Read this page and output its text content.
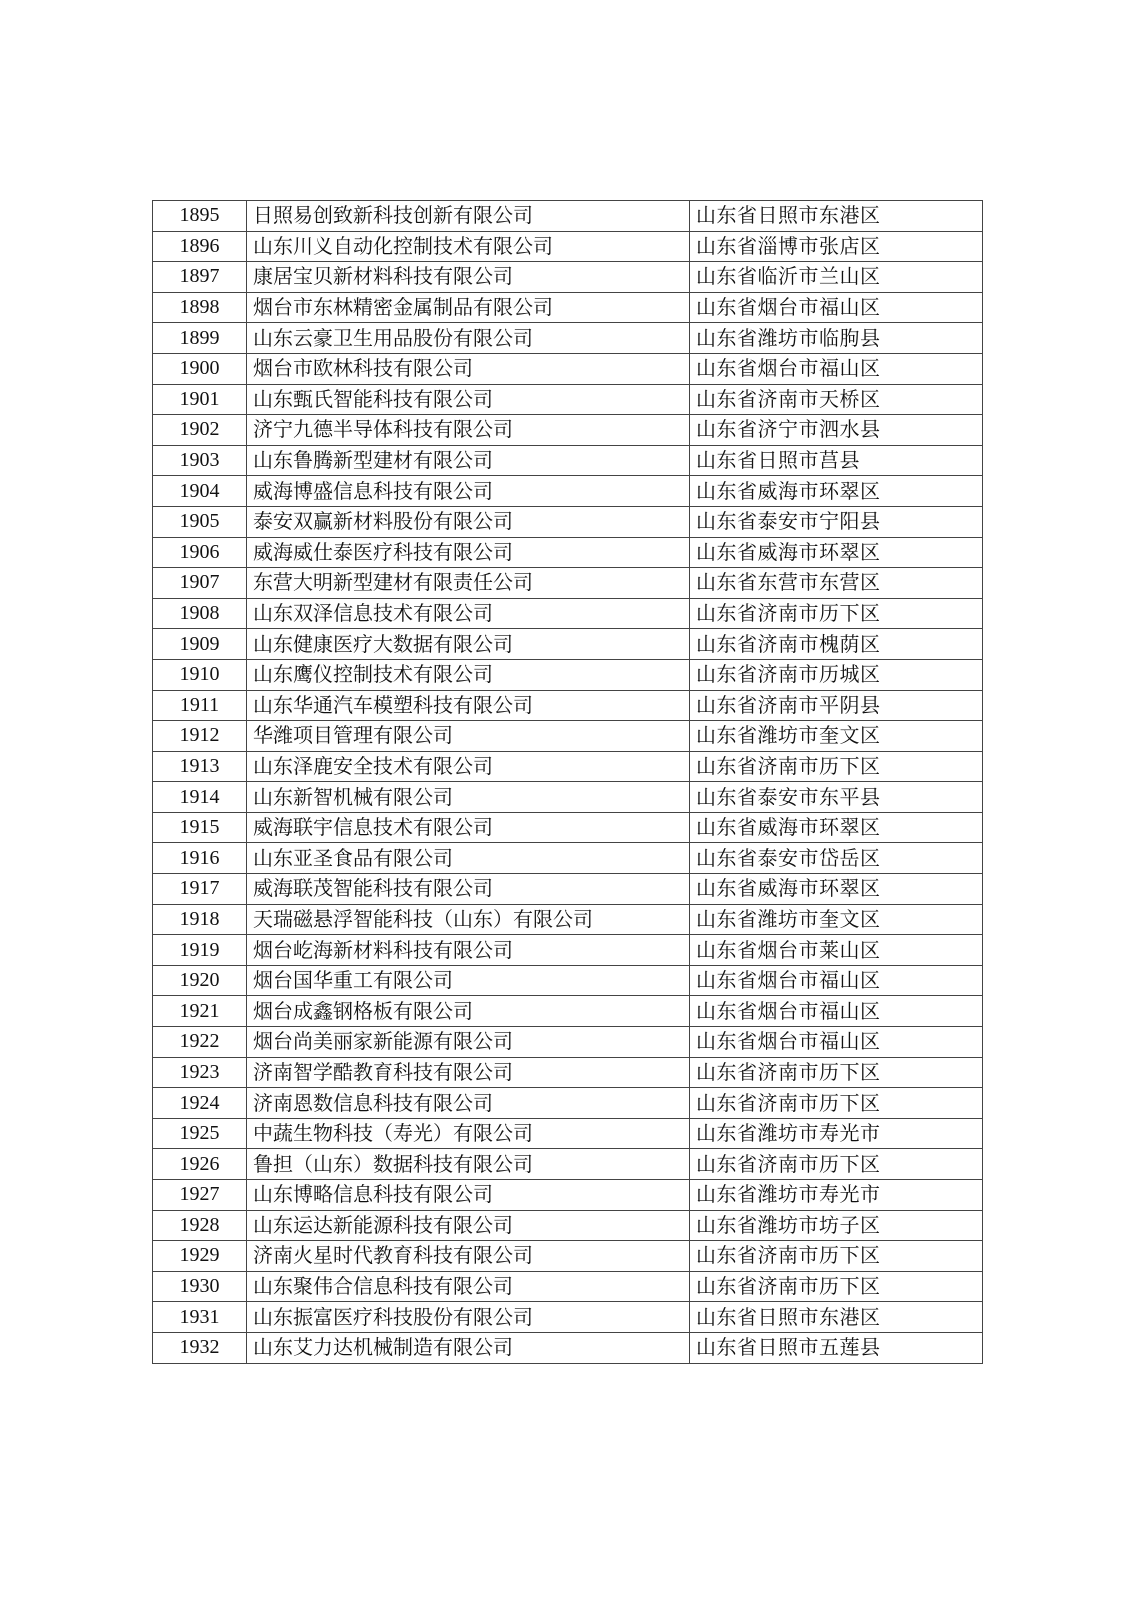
1895	日照易创致新科技创新有限公司	山东省日照市东港区
1896	山东川义自动化控制技术有限公司	山东省淄博市张店区
1897	康居宝贝新材料科技有限公司	山东省临沂市兰山区
1898	烟台市东林精密金属制品有限公司	山东省烟台市福山区
1899	山东云豪卫生用品股份有限公司	山东省潍坊市临朐县
1900	烟台市欧林科技有限公司	山东省烟台市福山区
1901	山东甄氏智能科技有限公司	山东省济南市天桥区
1902	济宁九德半导体科技有限公司	山东省济宁市泗水县
1903	山东鲁腾新型建材有限公司	山东省日照市莒县
1904	威海博盛信息科技有限公司	山东省威海市环翠区
1905	泰安双赢新材料股份有限公司	山东省泰安市宁阳县
1906	威海威仕泰医疗科技有限公司	山东省威海市环翠区
1907	东营大明新型建材有限责任公司	山东省东营市东营区
1908	山东双泽信息技术有限公司	山东省济南市历下区
1909	山东健康医疗大数据有限公司	山东省济南市槐荫区
1910	山东鹰仪控制技术有限公司	山东省济南市历城区
1911	山东华通汽车模塑科技有限公司	山东省济南市平阴县
1912	华潍项目管理有限公司	山东省潍坊市奎文区
1913	山东泽鹿安全技术有限公司	山东省济南市历下区
1914	山东新智机械有限公司	山东省泰安市东平县
1915	威海联宇信息技术有限公司	山东省威海市环翠区
1916	山东亚圣食品有限公司	山东省泰安市岱岳区
1917	威海联茂智能科技有限公司	山东省威海市环翠区
1918	天瑞磁悬浮智能科技（山东）有限公司	山东省潍坊市奎文区
1919	烟台屹海新材料科技有限公司	山东省烟台市莱山区
1920	烟台国华重工有限公司	山东省烟台市福山区
1921	烟台成鑫钢格板有限公司	山东省烟台市福山区
1922	烟台尚美丽家新能源有限公司	山东省烟台市福山区
1923	济南智学酷教育科技有限公司	山东省济南市历下区
1924	济南恩数信息科技有限公司	山东省济南市历下区
1925	中蔬生物科技（寿光）有限公司	山东省潍坊市寿光市
1926	鲁担（山东）数据科技有限公司	山东省济南市历下区
1927	山东博略信息科技有限公司	山东省潍坊市寿光市
1928	山东运达新能源科技有限公司	山东省潍坊市坊子区
1929	济南火星时代教育科技有限公司	山东省济南市历下区
1930	山东聚伟合信息科技有限公司	山东省济南市历下区
1931	山东振富医疗科技股份有限公司	山东省日照市东港区
1932	山东艾力达机械制造有限公司	山东省日照市五莲县
